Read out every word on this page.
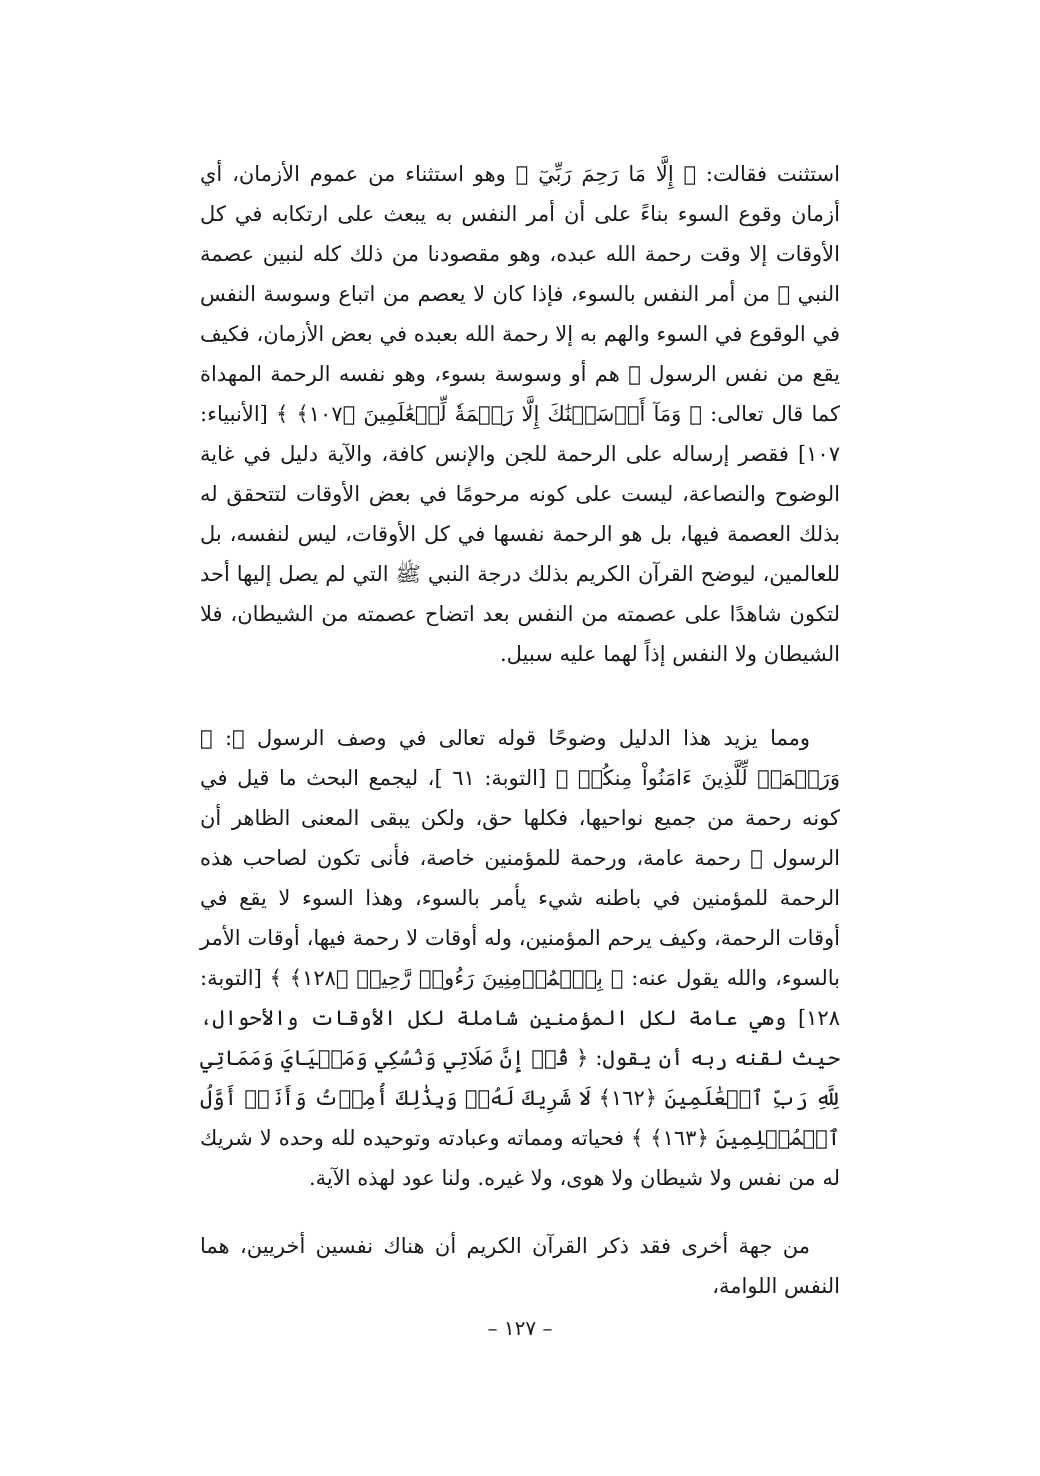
استثنت فقالت: ﴿ إِلَّا مَا رَحِمَ رَبِّيٓ ﴾ وهو استثناء من عموم الأزمان، أي أزمان وقوع السوء بناءً على أن أمر النفس به يبعث على ارتكابه في كل الأوقات إلا وقت رحمة الله عبده، وهو مقصودنا من ذلك كله لنبين عصمة النبي ﷺ من أمر النفس بالسوء، فإذا كان لا يعصم من اتباع وسوسة النفس في الوقوع في السوء والهم به إلا رحمة الله بعبده في بعض الأزمان، فكيف يقع من نفس الرسول ﷺ هم أو وسوسة بسوء، وهو نفسه الرحمة المهداة كما قال تعالى: ﴿ وَمَآ أَرۡسَلۡنَٰكَ إِلَّا رَحۡمَةٗ لِّلۡعَٰلَمِينَ ﴿١٠٧﴾ ﴾ [الأنبياء: ١٠٧] فقصر إرساله على الرحمة للجن والإنس كافة، والآية دليل في غاية الوضوح والنصاعة، ليست على كونه مرحومًا في بعض الأوقات لتتحقق له بذلك العصمة فيها، بل هو الرحمة نفسها في كل الأوقات، ليس لنفسه، بل للعالمين، ليوضح القرآن الكريم بذلك درجة النبي ﷺ التي لم يصل إليها أحد لتكون شاهدًا على عصمته من النفس بعد اتضاح عصمته من الشيطان، فلا الشيطان ولا النفس إذاً لهما عليه سبيل.

ومما يزيد هذا الدليل وضوحًا قوله تعالى في وصف الرسول ﷺ: ﴿ وَرَحۡمَةٞ لِّلَّذِينَ ءَامَنُواْ مِنكُمۡ ﴾ [التوبة: ٦١ ]، ليجمع البحث ما قيل في كونه رحمة من جميع نواحيها، فكلها حق، ولكن يبقى المعنى الظاهر أن الرسول ﷺ رحمة عامة، ورحمة للمؤمنين خاصة، فأنى تكون لصاحب هذه الرحمة للمؤمنين في باطنه شيء يأمر بالسوء، وهذا السوء لا يقع في أوقات الرحمة، وكيف يرحم المؤمنين، وله أوقات لا رحمة فيها، أوقات الأمر بالسوء، والله يقول عنه: ﴿ بِٱلۡمُؤۡمِنِينَ رَءُوفٞ رَّحِيمٞ ﴿١٢٨﴾ ﴾ [التوبة: ١٢٨] وهي عامة لكل المؤمنين شاملة لكل الأوقات والأحوال، حيث لقنه ربه أن يقول: ﴿ قُلۡ إِنَّ صَلَاتِي وَنُسُكِي وَمَحۡيَايَ وَمَمَاتِي لِلَّهِ رَبِّ ٱلۡعَٰلَمِينَ ﴿١٦٢﴾ لَا شَرِيكَ لَهُۥۖ وَبِذَٰلِكَ أُمِرۡتُ وَأَنَا۠ أَوَّلُ ٱلۡمُسۡلِمِينَ ﴿١٦٣﴾ ﴾ فحياته ومماته وعبادته وتوحيده لله وحده لا شريك له من نفس ولا شيطان ولا هوى، ولا غيره. ولنا عود لهذه الآية.

من جهة أخرى فقد ذكر القرآن الكريم أن هناك نفسين أخريين، هما النفس اللوامة،

– ١٢٧ –
